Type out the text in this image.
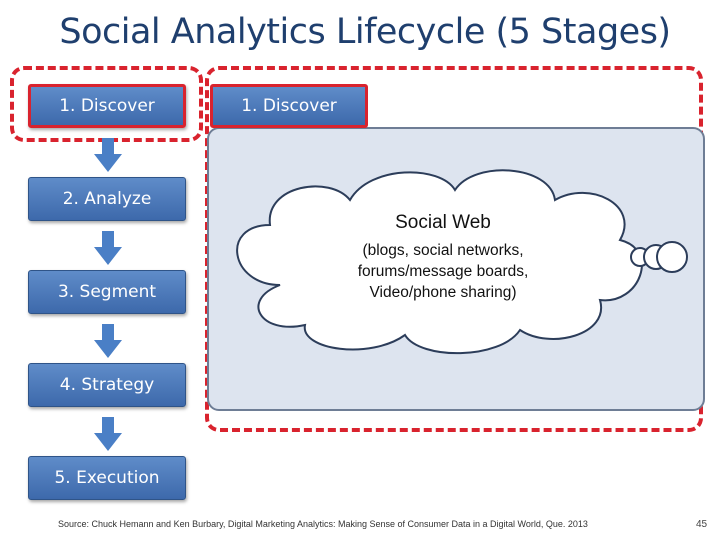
Social Analytics Lifecycle (5 Stages)
1. Discover
2. Analyze
3. Segment
4. Strategy
5. Execution
1. Discover
Social Web
(blogs, social networks,
forums/message boards,
Video/phone sharing)
Source: Chuck Hemann and Ken Burbary, Digital Marketing Analytics: Making Sense of Consumer Data in a Digital World, Que. 2013	45
